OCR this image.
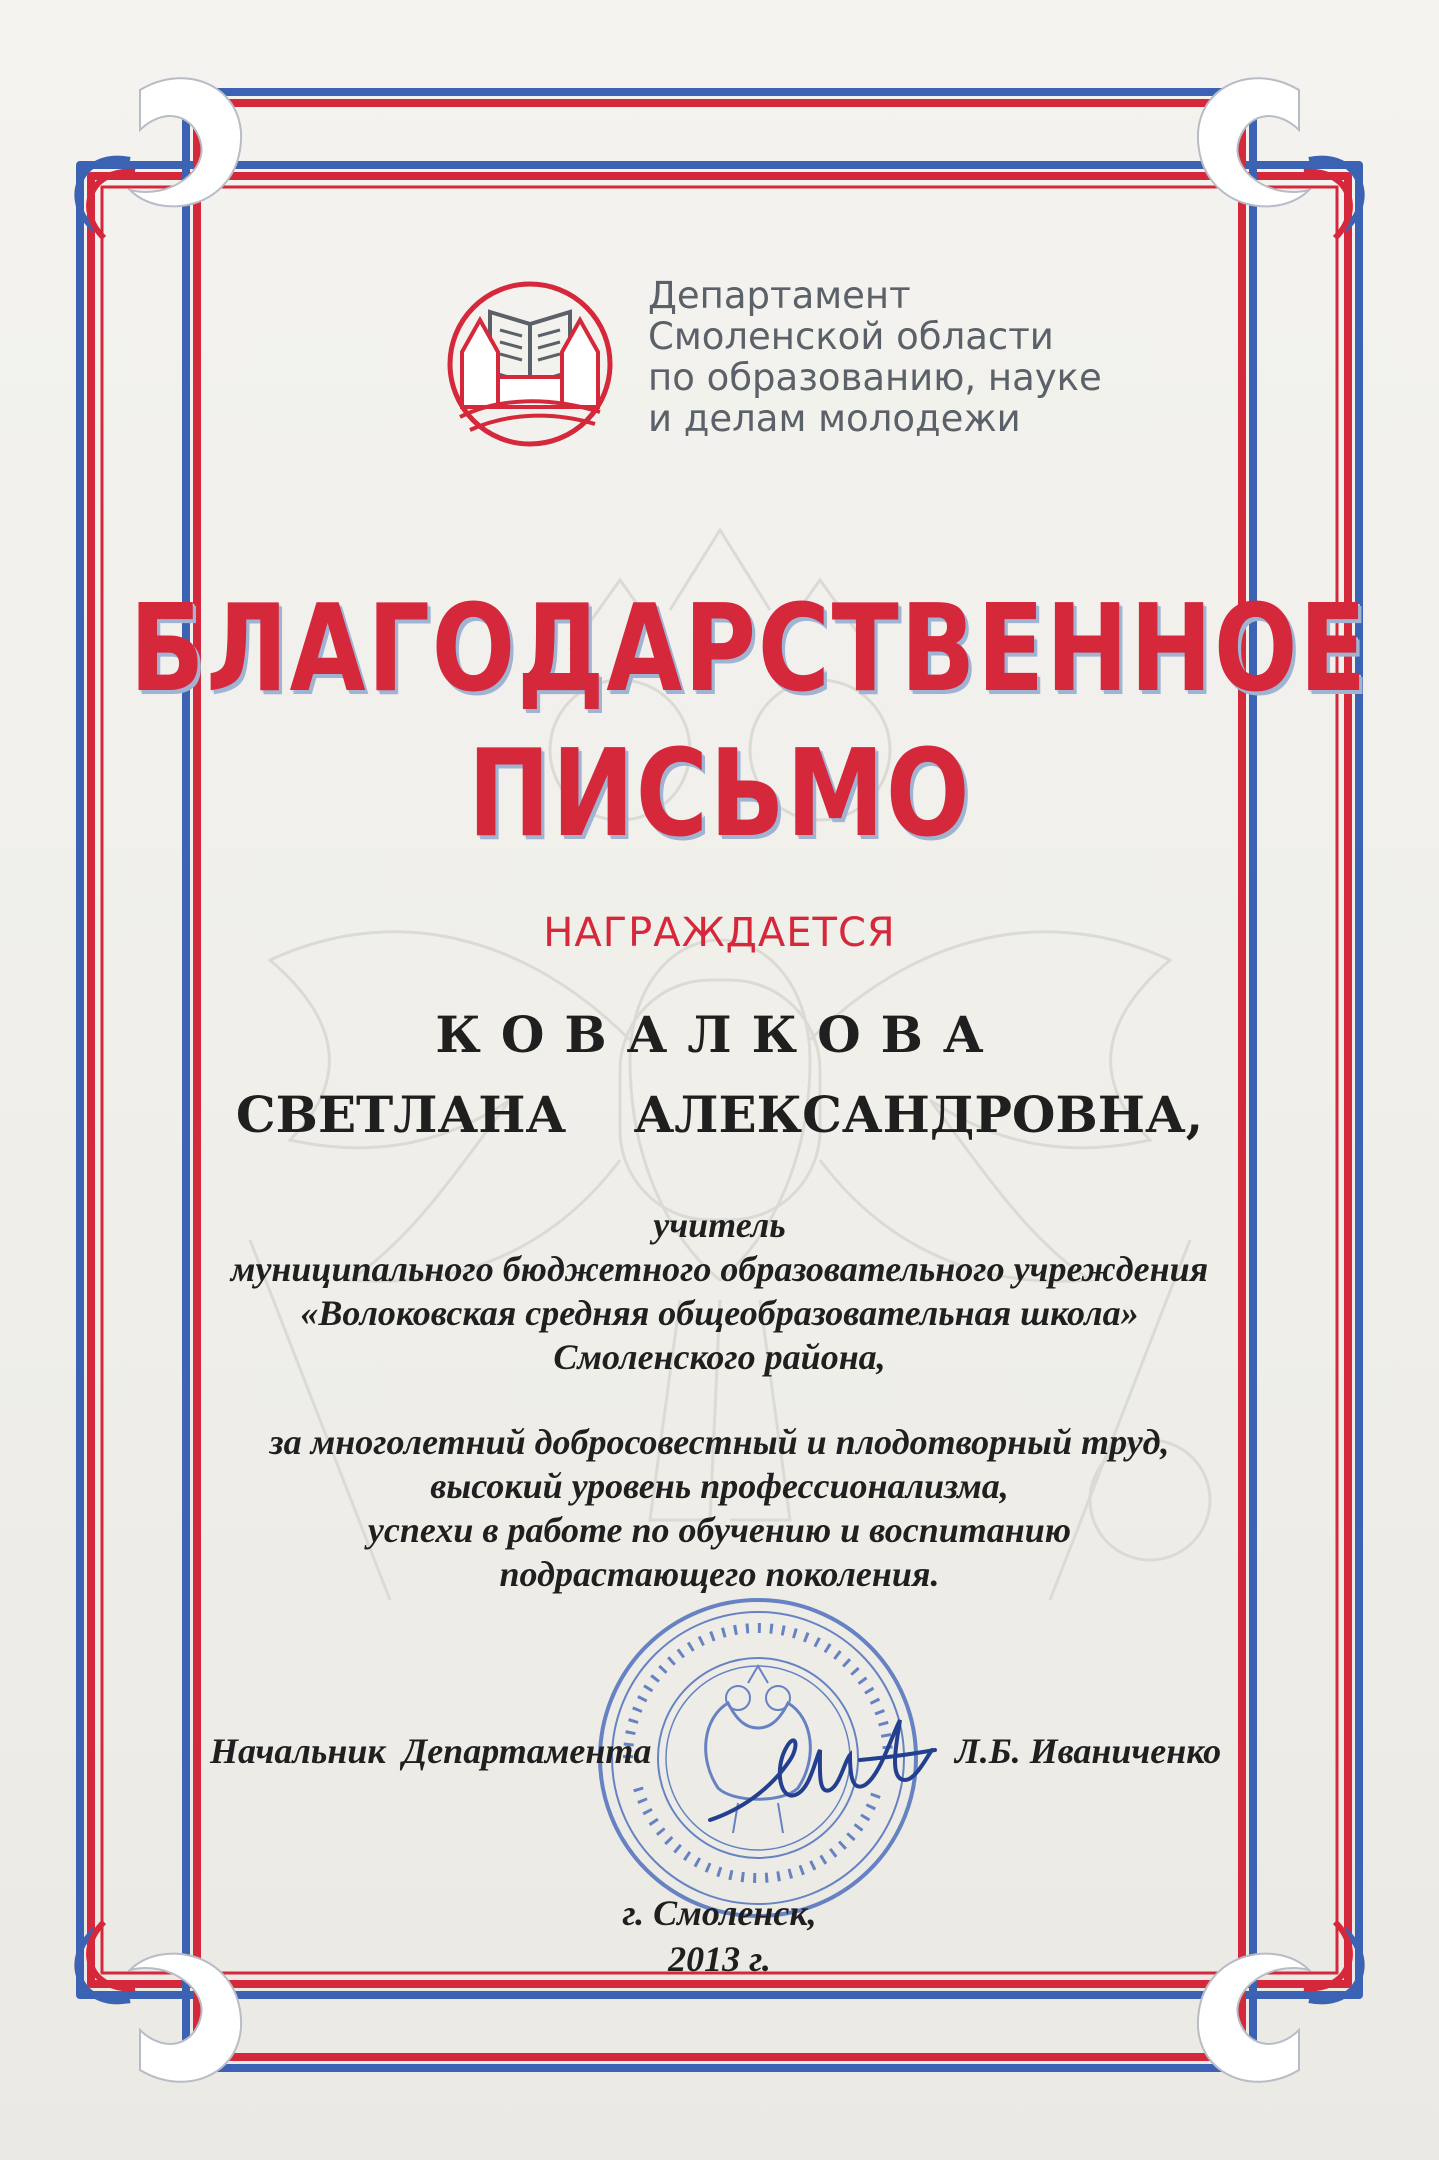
Департамент
Смоленской области
по образованию, науке
и делам молодежи
БЛАГОДАРСТВЕННОЕ
ПИСЬМО
НАГРАЖДАЕТСЯ
КОВАЛКОВА
СВЕТЛАНА АЛЕКСАНДРОВНА,
учитель
муниципального бюджетного образовательного учреждения
«Волоковская средняя общеобразовательная школа»
Смоленского района,
за многолетний добросовестный и плодотворный труд,
высокий уровень профессионализма,
успехи в работе по обучению и воспитанию
подрастающего поколения.
Начальник Департамента	Л.Б. Иваниченко
г. Смоленск,
2013 г.
